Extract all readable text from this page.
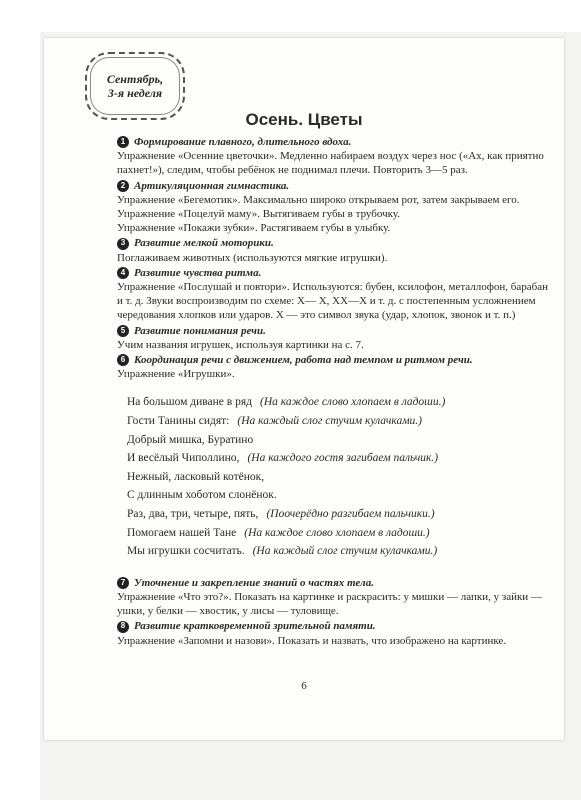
Сентябрь,
3-я неделя
Осень. Цветы
1 Формирование плавного, длительного вдоха.
Упражнение «Осенние цветочки». Медленно набираем воздух через нос («Ах, как приятно пахнет!»), следим, чтобы ребёнок не поднимал плечи. Повторить 3—5 раз.
2 Артикуляционная гимнастика.
Упражнение «Бегемотик». Максимально широко открываем рот, затем закрываем его.
Упражнение «Поцелуй маму». Вытягиваем губы в трубочку.
Упражнение «Покажи зубки». Растягиваем губы в улыбку.
3 Развитие мелкой моторики.
Поглаживаем животных (используются мягкие игрушки).
4 Развитие чувства ритма.
Упражнение «Послушай и повтори». Используются: бубен, ксилофон, металлофон, барабан и т. д. Звуки воспроизводим по схеме: Х— Х, ХХ—Х и т. д. с постепенным усложнением чередования хлопков или ударов. Х — это символ звука (удар, хлопок, звонок и т. п.)
5 Развитие понимания речи.
Учим названия игрушек, используя картинки на с. 7.
6 Координация речи с движением, работа над темпом и ритмом речи.
Упражнение «Игрушки».
На большом диване в ряд (На каждое слово хлопаем в ладоши.)
Гости Танины сидят: (На каждый слог стучим кулачками.)
Добрый мишка, Буратино
И весёлый Чиполлино, (На каждого гостя загибаем пальчик.)
Нежный, ласковый котёнок,
С длинным хоботом слонёнок.
Раз, два, три, четыре, пять, (Поочерёдно разгибаем пальчики.)
Помогаем нашей Тане (На каждое слово хлопаем в ладоши.)
Мы игрушки сосчитать. (На каждый слог стучим кулачками.)
7 Уточнение и закрепление знаний о частях тела.
Упражнение «Что это?». Показать на картинке и раскрасить: у мишки — лапки, у зайки — ушки, у белки — хвостик, у лисы — туловище.
8 Развитие кратковременной зрительной памяти.
Упражнение «Запомни и назови». Показать и назвать, что изображено на картинке.
6
